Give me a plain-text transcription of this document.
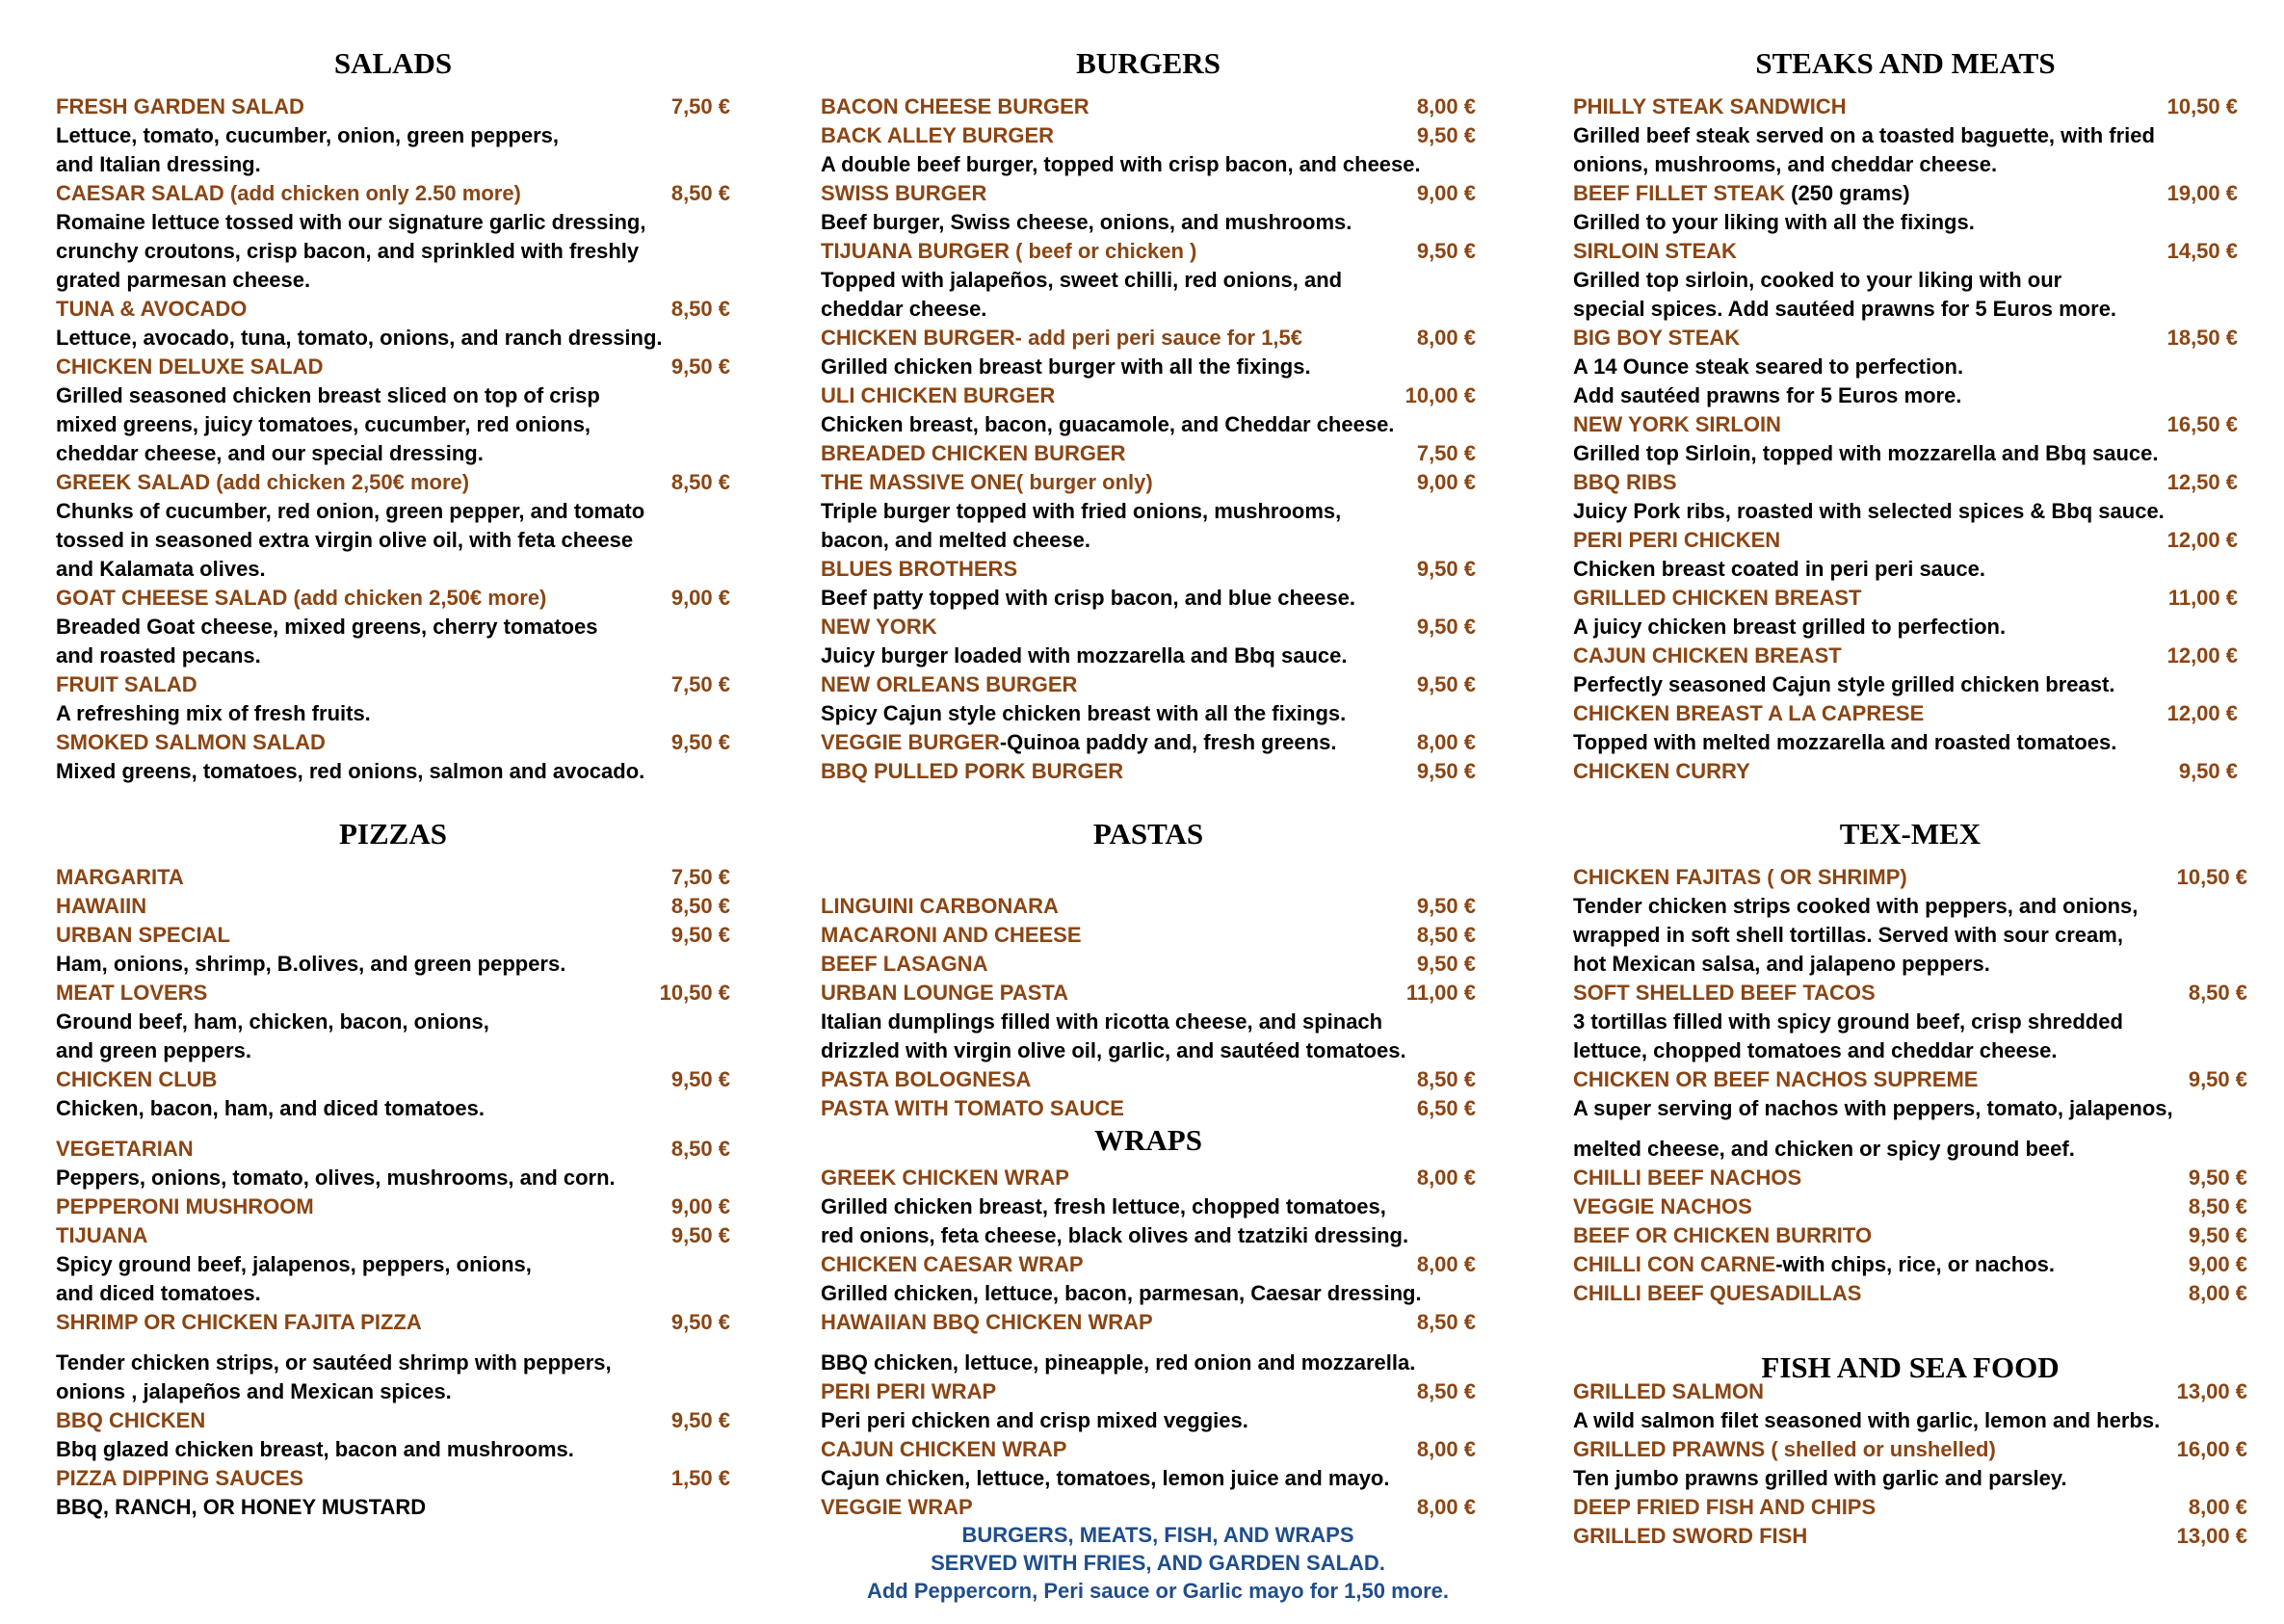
SALADS
FRESH GARDEN SALAD	7,50 €
Lettuce, tomato, cucumber, onion, green peppers,
and Italian dressing.
CAESAR SALAD (add chicken only 2.50 more)	8,50 €
Romaine lettuce tossed with our signature garlic dressing,
crunchy croutons, crisp bacon, and sprinkled with freshly
grated parmesan cheese.
TUNA & AVOCADO	8,50 €
Lettuce, avocado, tuna, tomato, onions, and ranch dressing.
CHICKEN DELUXE SALAD	9,50 €
Grilled seasoned chicken breast sliced on top of crisp
mixed greens, juicy tomatoes, cucumber, red onions,
cheddar cheese, and our special dressing.
GREEK SALAD (add chicken 2,50€ more)	8,50 €
Chunks of cucumber, red onion, green pepper, and tomato
tossed in seasoned extra virgin olive oil, with feta cheese
and Kalamata olives.
GOAT CHEESE SALAD (add chicken 2,50€ more)	9,00 €
Breaded Goat cheese, mixed greens, cherry tomatoes
and roasted pecans.
FRUIT SALAD	7,50 €
A refreshing mix of fresh fruits.
SMOKED SALMON SALAD	9,50 €
Mixed greens, tomatoes, red onions, salmon and avocado.
BURGERS
BACON CHEESE BURGER	8,00 €
BACK ALLEY BURGER	9,50 €
A double beef burger, topped with crisp bacon, and cheese.
SWISS BURGER	9,00 €
Beef burger, Swiss cheese, onions, and mushrooms.
TIJUANA BURGER ( beef or chicken )	9,50 €
Topped with jalapeños, sweet chilli, red onions, and
cheddar cheese.
CHICKEN BURGER- add peri peri sauce for 1,5€	8,00 €
Grilled chicken breast burger with all the fixings.
ULI CHICKEN BURGER	10,00 €
Chicken breast, bacon, guacamole, and Cheddar cheese.
BREADED CHICKEN BURGER	7,50 €
THE MASSIVE ONE( burger only)	9,00 €
Triple burger topped with fried onions, mushrooms,
bacon, and melted cheese.
BLUES BROTHERS	9,50 €
Beef patty topped with crisp bacon, and blue cheese.
NEW YORK	9,50 €
Juicy burger loaded with mozzarella and Bbq sauce.
NEW ORLEANS BURGER	9,50 €
Spicy Cajun style chicken breast with all the fixings.
VEGGIE BURGER-Quinoa paddy and, fresh greens.	8,00 €
BBQ PULLED PORK BURGER	9,50 €
STEAKS AND MEATS
PHILLY STEAK SANDWICH	10,50 €
Grilled beef steak served on a toasted baguette, with fried
onions, mushrooms, and cheddar cheese.
BEEF FILLET STEAK (250 grams)	19,00 €
Grilled to your liking with all the fixings.
SIRLOIN STEAK	14,50 €
Grilled top sirloin, cooked to your liking with our
special spices. Add sautéed prawns for 5 Euros more.
BIG BOY STEAK	18,50 €
A 14 Ounce steak seared to perfection.
Add sautéed prawns for 5 Euros more.
NEW YORK SIRLOIN	16,50 €
Grilled top Sirloin, topped with mozzarella and Bbq sauce.
BBQ RIBS	12,50 €
Juicy Pork ribs, roasted with selected spices & Bbq sauce.
PERI PERI CHICKEN	12,00 €
Chicken breast coated in peri peri sauce.
GRILLED CHICKEN BREAST	11,00 €
A juicy chicken breast grilled to perfection.
CAJUN CHICKEN BREAST	12,00 €
Perfectly seasoned Cajun style grilled chicken breast.
CHICKEN BREAST A LA CAPRESE	12,00 €
Topped with melted mozzarella and roasted tomatoes.
CHICKEN CURRY	9,50 €
PIZZAS
MARGARITA	7,50 €
HAWAIIN	8,50 €
URBAN SPECIAL	9,50 €
Ham, onions, shrimp, B.olives, and green peppers.
MEAT LOVERS	10,50 €
Ground beef, ham, chicken, bacon, onions,
and green peppers.
CHICKEN CLUB	9,50 €
Chicken, bacon, ham, and diced tomatoes.
VEGETARIAN	8,50 €
Peppers, onions, tomato, olives, mushrooms, and corn.
PEPPERONI MUSHROOM	9,00 €
TIJUANA	9,50 €
Spicy ground beef, jalapenos, peppers, onions,
and diced tomatoes.
SHRIMP OR CHICKEN FAJITA PIZZA	9,50 €
Tender chicken strips, or sautéed shrimp with peppers,
onions , jalapeños and Mexican spices.
BBQ CHICKEN	9,50 €
Bbq glazed chicken breast, bacon and mushrooms.
PIZZA DIPPING SAUCES	1,50 €
BBQ, RANCH, OR HONEY MUSTARD
PASTAS
LINGUINI CARBONARA	9,50 €
MACARONI AND CHEESE	8,50 €
BEEF LASAGNA	9,50 €
URBAN LOUNGE PASTA	11,00 €
Italian dumplings filled with ricotta cheese, and spinach
drizzled with virgin olive oil, garlic, and sautéed tomatoes.
PASTA BOLOGNESA	8,50 €
PASTA WITH TOMATO SAUCE	6,50 €
WRAPS
GREEK CHICKEN WRAP	8,00 €
Grilled chicken breast, fresh lettuce, chopped tomatoes,
red onions, feta cheese, black olives and tzatziki dressing.
CHICKEN CAESAR WRAP	8,00 €
Grilled chicken, lettuce, bacon, parmesan, Caesar dressing.
HAWAIIAN BBQ CHICKEN WRAP	8,50 €
BBQ chicken, lettuce, pineapple, red onion and mozzarella.
PERI PERI WRAP	8,50 €
Peri peri chicken and crisp mixed veggies.
CAJUN CHICKEN WRAP	8,00 €
Cajun chicken, lettuce, tomatoes, lemon juice and mayo.
VEGGIE WRAP	8,00 €
TEX-MEX
CHICKEN FAJITAS ( OR SHRIMP)	10,50 €
Tender chicken strips cooked with peppers, and onions,
wrapped in soft shell tortillas. Served with sour cream,
hot Mexican salsa, and jalapeno peppers.
SOFT SHELLED BEEF TACOS	8,50 €
3 tortillas filled with spicy ground beef, crisp shredded
lettuce, chopped tomatoes and cheddar cheese.
CHICKEN OR BEEF NACHOS SUPREME	9,50 €
A super serving of nachos with peppers, tomato, jalapenos,
melted cheese, and chicken or spicy ground beef.
CHILLI BEEF NACHOS	9,50 €
VEGGIE NACHOS	8,50 €
BEEF OR CHICKEN BURRITO	9,50 €
CHILLI CON CARNE-with chips, rice, or nachos.	9,00 €
CHILLI BEEF QUESADILLAS	8,00 €
FISH AND SEA FOOD
GRILLED SALMON	13,00 €
A wild salmon filet seasoned with garlic, lemon and herbs.
GRILLED PRAWNS ( shelled or unshelled)	16,00 €
Ten jumbo prawns grilled with garlic and parsley.
DEEP FRIED FISH AND CHIPS	8,00 €
GRILLED SWORD FISH	13,00 €
BURGERS, MEATS, FISH, AND WRAPS
SERVED WITH FRIES, AND GARDEN SALAD.
Add Peppercorn, Peri sauce or Garlic mayo for 1,50 more.
